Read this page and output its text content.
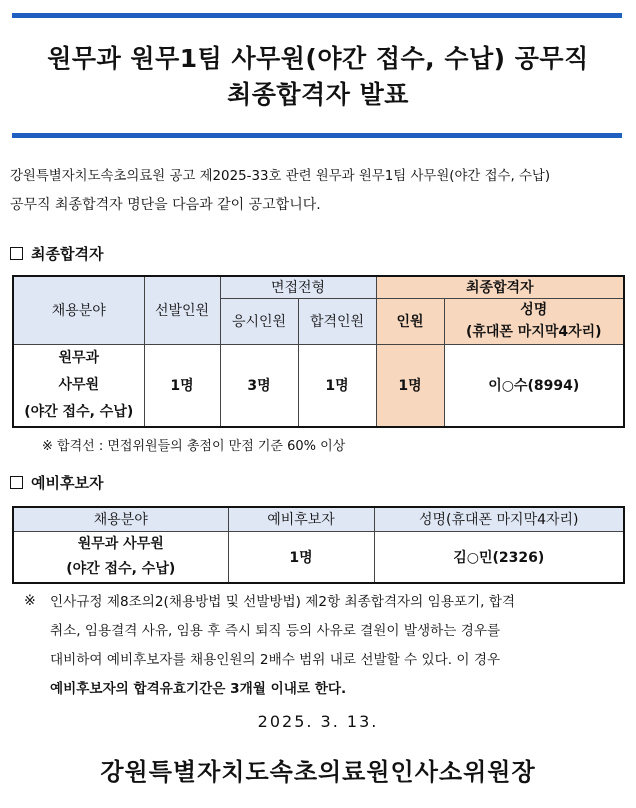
원무과 원무1팀 사무원(야간 접수, 수납) 공무직
최종합격자 발표
강원특별자치도속초의료원 공고 제2025-33호 관련 원무과 원무1팀 사무원(야간 접수, 수납)
공무직 최종합격자 명단을 다음과 같이 공고합니다.
최종합격자
채용분야	선발인원	면접전형		최종합격자	
		응시인원	합격인원	인원	성명
(휴대폰 마지막4자리)

원무과
사무원
(야간 접수, 수납)	1명	3명	1명	1명	이○수(8994)
※ 합격선 : 면접위원들의 총점이 만점 기준 60% 이상
예비후보자
채용분야	예비후보자	성명(휴대폰 마지막4자리)

원무과 사무원
(야간 접수, 수납)	1명	김○민(2326)
※ 인사규정 제8조의2(채용방법 및 선발방법) 제2항 최종합격자의 임용포기, 합격
취소, 임용결격 사유, 임용 후 즉시 퇴직 등의 사유로 결원이 발생하는 경우를
대비하여 예비후보자를 채용인원의 2배수 범위 내로 선발할 수 있다. 이 경우
예비후보자의 합격유효기간은 3개월 이내로 한다.
2025. 3. 13.
강원특별자치도속초의료원인사소위원장
